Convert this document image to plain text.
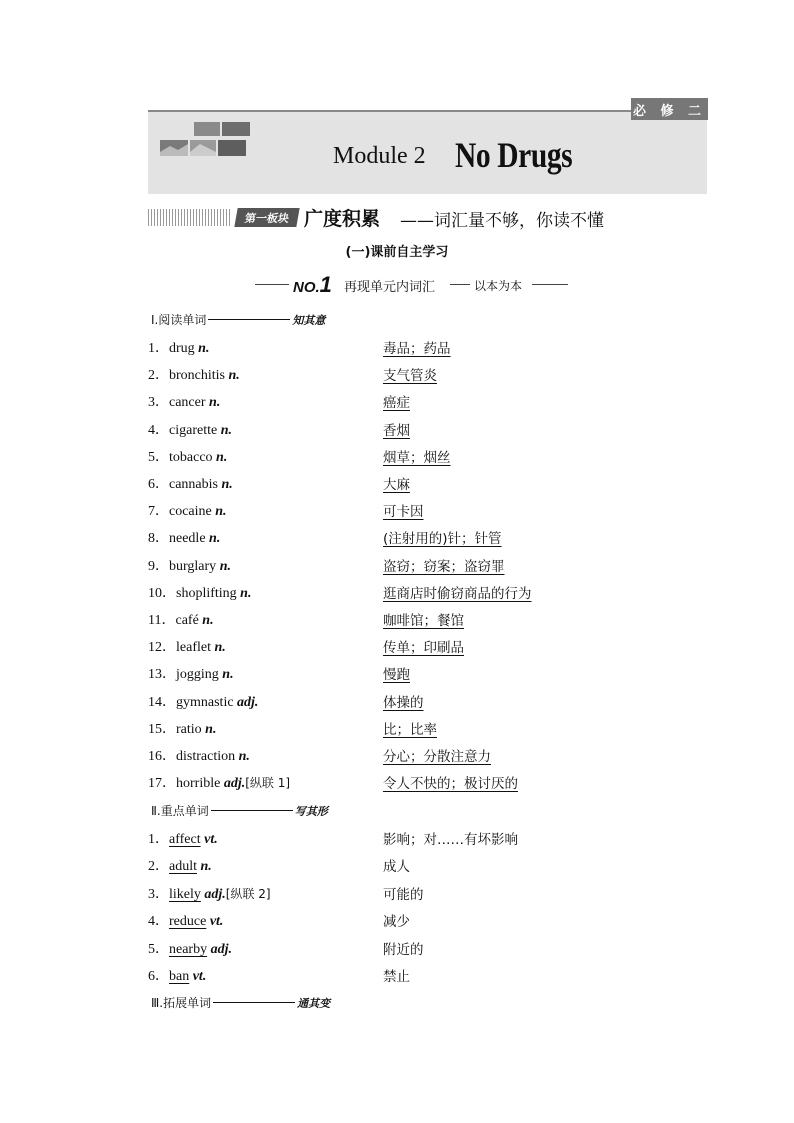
必 修 二
Module 2 No Drugs
第一板块 广度积累 ——词汇量不够，你读不懂
(一)课前自主学习
NO.1 再现单元内词汇	以本为本
Ⅰ.阅读单词	知其意
1．drug n.	毒品；药品
2．bronchitis n.	支气管炎
3．cancer n.	癌症
4．cigarette n.	香烟
5．tobacco n.	烟草；烟丝
6．cannabis n.	大麻
7．cocaine n.	可卡因
8．needle n.	(注射用的)针；针管
9．burglary n.	盗窃；窃案；盗窃罪
10．shoplifting n.	逛商店时偷窃商品的行为
11．café n.	咖啡馆；餐馆
12．leaflet n.	传单；印刷品
13．jogging n.	慢跑
14．gymnastic adj.	体操的
15．ratio n.	比；比率
16．distraction n.	分心；分散注意力
17．horrible adj.[纵联 1]	令人不快的；极讨厌的
Ⅱ.重点单词	写其形
1．affect vt.	影响；对……有坏影响
2．adult n.	成人
3．likely adj.[纵联 2]	可能的
4．reduce vt.	减少
5．nearby adj.	附近的
6．ban vt.	禁止
Ⅲ.拓展单词	通其变
